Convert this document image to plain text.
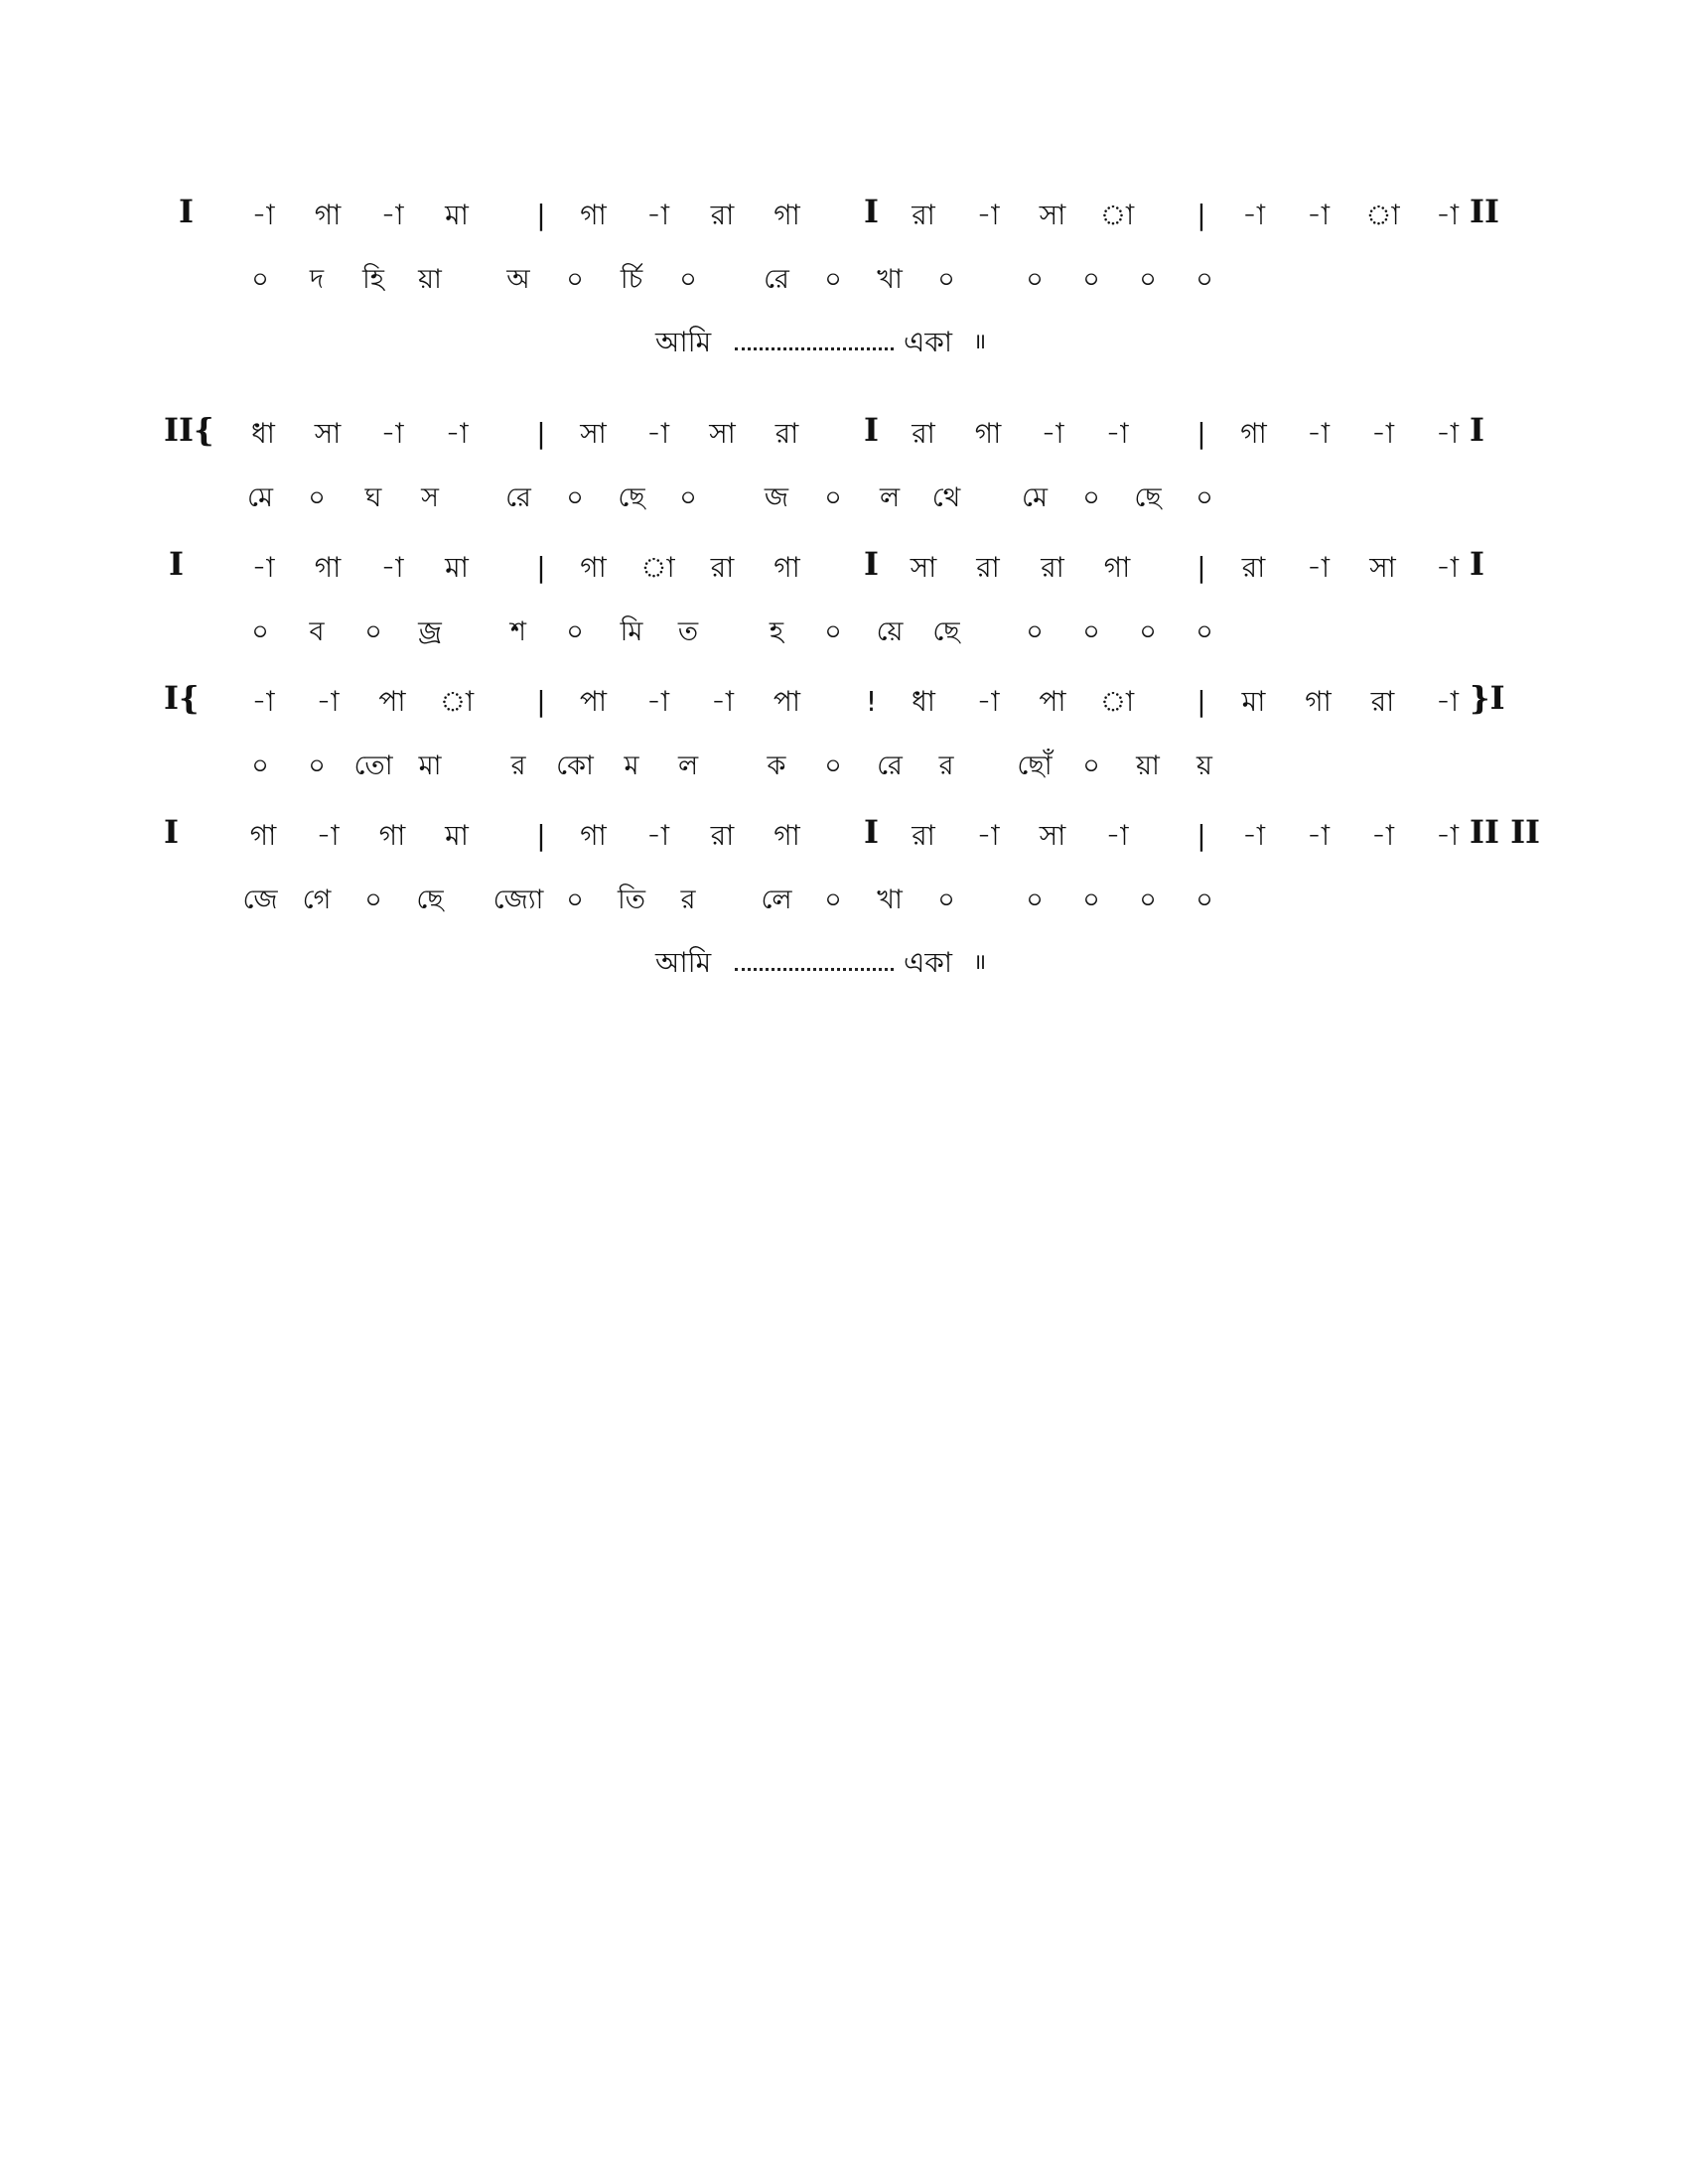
I -া গা -া মা | গা -া রা গা I রা -া সা া | -া -া া -া II
০ দ হি য়া অ ০ র্চি ০ রে ০ খা ০	০ ০ ০ ০
আমি	একা ॥
II{ ধা সা -া -া | সা -া সা রা I রা গা -া -া | গা -া -া -া I
মে ০ ঘ স রে ০ ছে ০	জ ০ ল থে মে ০ ছে ০
I -া গা -া মা | গা া রা গা I সা রা রা গা | রা -া সা -া I
০ ব ০ জ্র	শ ০ মি ত	হ ০ য়ে ছে ০ ০ ০ ০
I{ -া -া পা া | পা -া -া পা ! ধা -া পা া | মা গা রা -া }I
০ ০ তো মা	র কো ম ল	ক ০ রে র ছোঁ ০ য়া য়
I	গা -া গা মা | গা -া রা গা I রা -া সা -া | -া -া -া -া II II
জে গে ০ ছে জ্যো ০ তি র লে ০ খা ০	০ ০ ০ ০
আমি	একা ॥
